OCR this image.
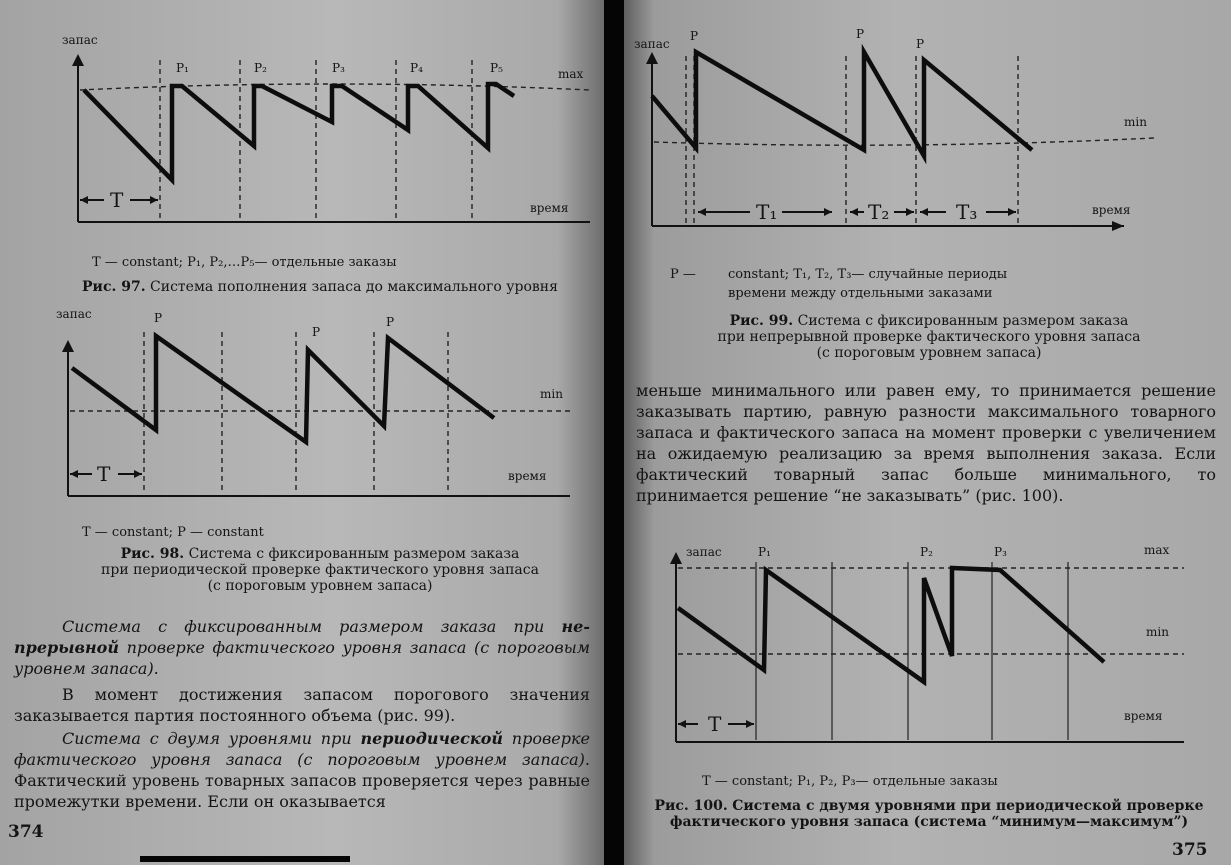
T
запас
время
max
P₁	P₂	P₃	P₄	P₅
T — constant; P₁, P₂,…P₅— отдельные заказы
Рис. 97. Система пополнения запаса до максимального уровня
T
запас
время
min
P
P
P
T — constant; P — constant
Рис. 98. Система с фиксированным размером заказа
при периодической проверке фактического уровня запаса
(с пороговым уровнем запаса)
Система с фиксированным размером заказа при не-прерывной проверке фактического уровня запаса (с пороговым уровнем запаса).
В момент достижения запасом порогового значения заказывается партия постоянного объема (рис. 99).
Система с двумя уровнями при периодической проверке фактического уровня запаса (с пороговым уровнем запаса). Фактический уровень товарных запасов проверяется через равные промежутки времени. Если он оказывается
374
T₁	T₂	T₃
запас
время
min
P	P
P
P — constant; T₁, T₂, T₃— случайные периоды
времени между отдельными заказами
Рис. 99. Система с фиксированным размером заказа
при непрерывной проверке фактического уровня запаса
(с пороговым уровнем запаса)
меньше минимального или равен ему, то принимается решение заказывать партию, равную разности максимального товарного запаса и фактического запаса на момент проверки с увеличением на ожидаемую реализацию за время выполнения заказа. Если фактический товарный запас больше минимального, то принимается решение “не заказывать” (рис. 100).
T
запас
время
max
min
P₁	P₂	P₃
T — constant; P₁, P₂, P₃— отдельные заказы
Рис. 100. Система с двумя уровнями при периодической проверке
фактического уровня запаса (система “минимум—максимум”)
375
